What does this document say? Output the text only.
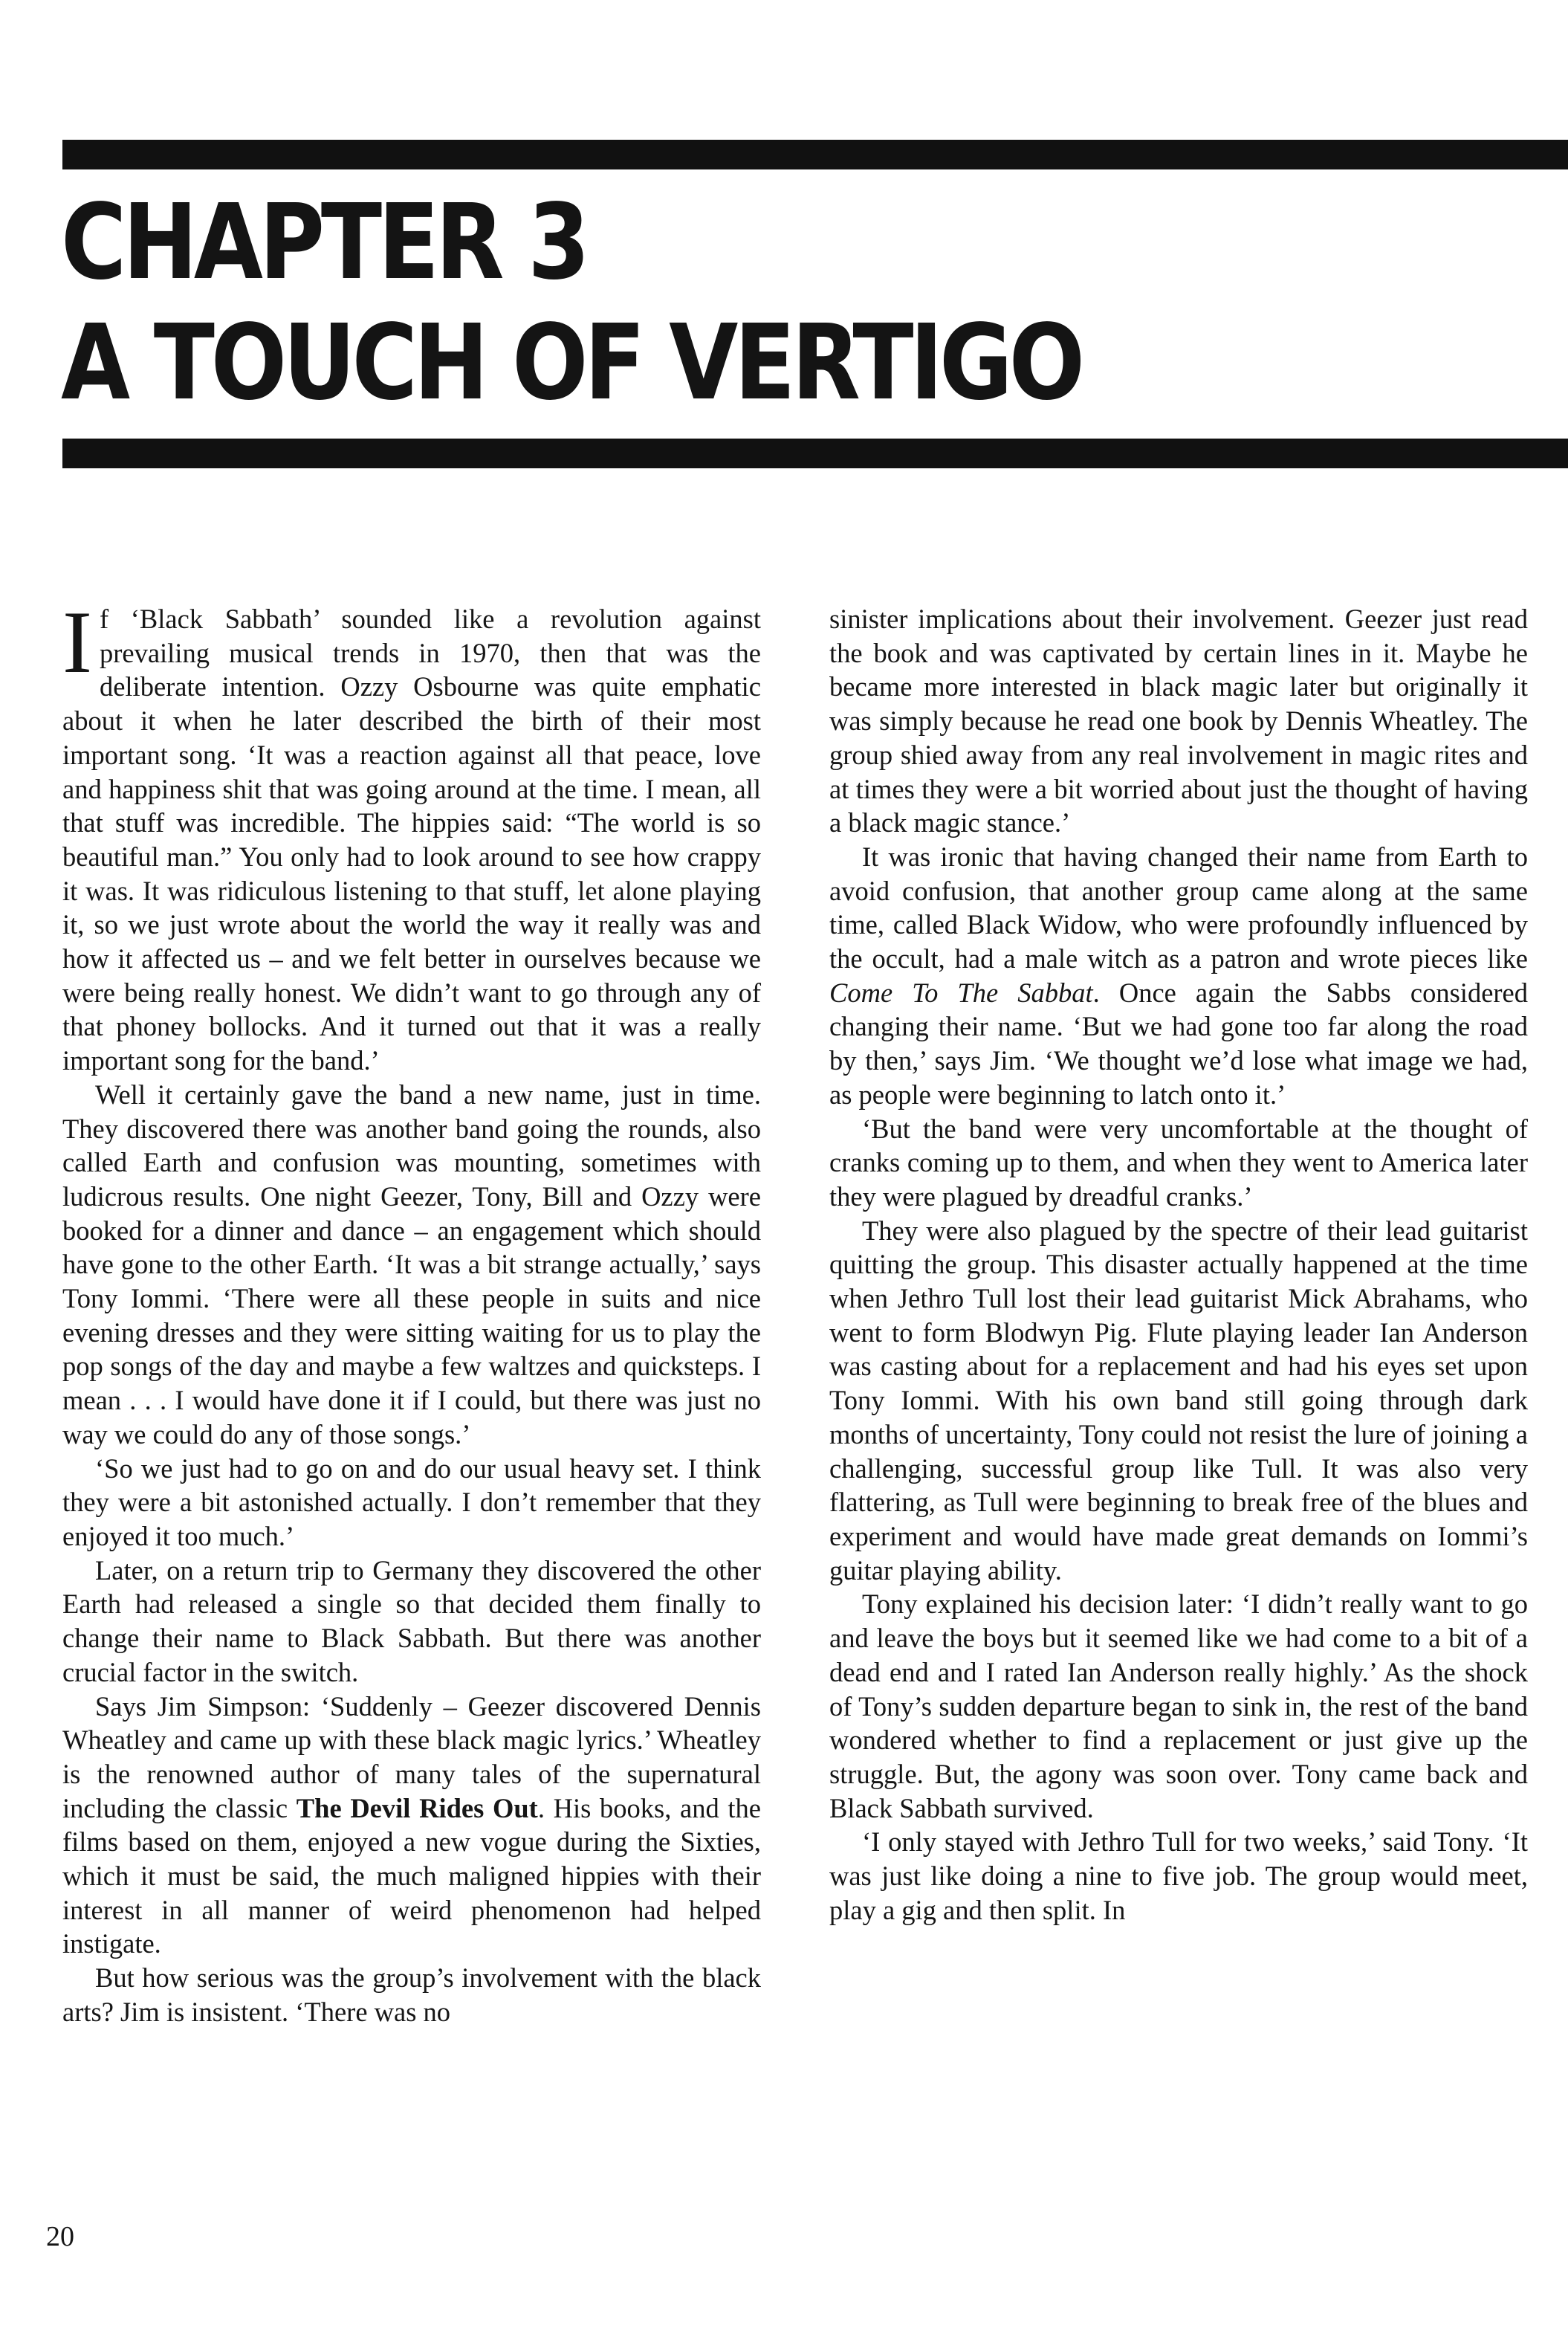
CHAPTER 3
A TOUCH OF VERTIGO

If ‘Black Sabbath’ sounded like a revolution against prevailing musical trends in 1970, then that was the deliberate intention. Ozzy Osbourne was quite emphatic about it when he later described the birth of their most important song. ‘It was a reaction against all that peace, love and happiness shit that was going around at the time. I mean, all that stuff was incredible. The hippies said: “The world is so beautiful man.” You only had to look around to see how crappy it was. It was ridiculous listening to that stuff, let alone playing it, so we just wrote about the world the way it really was and how it affected us – and we felt better in ourselves because we were being really honest. We didn’t want to go through any of that phoney bollocks. And it turned out that it was a really important song for the band.’

Well it certainly gave the band a new name, just in time. They discovered there was another band going the rounds, also called Earth and confusion was mounting, sometimes with ludicrous results. One night Geezer, Tony, Bill and Ozzy were booked for a dinner and dance – an engagement which should have gone to the other Earth. ‘It was a bit strange actually,’ says Tony Iommi. ‘There were all these people in suits and nice evening dresses and they were sitting waiting for us to play the pop songs of the day and maybe a few waltzes and quicksteps. I mean . . . I would have done it if I could, but there was just no way we could do any of those songs.’

‘So we just had to go on and do our usual heavy set. I think they were a bit astonished actually. I don’t remember that they enjoyed it too much.’

Later, on a return trip to Germany they discovered the other Earth had released a single so that decided them finally to change their name to Black Sabbath. But there was another crucial factor in the switch.

Says Jim Simpson: ‘Suddenly – Geezer discovered Dennis Wheatley and came up with these black magic lyrics.’ Wheatley is the renowned author of many tales of the supernatural including the classic The Devil Rides Out. His books, and the films based on them, enjoyed a new vogue during the Sixties, which it must be said, the much maligned hippies with their interest in all manner of weird phenomenon had helped instigate.

But how serious was the group’s involvement with the black arts? Jim is insistent. ‘There was no

sinister implications about their involvement. Geezer just read the book and was captivated by certain lines in it. Maybe he became more interested in black magic later but originally it was simply because he read one book by Dennis Wheatley. The group shied away from any real involvement in magic rites and at times they were a bit worried about just the thought of having a black magic stance.’

It was ironic that having changed their name from Earth to avoid confusion, that another group came along at the same time, called Black Widow, who were profoundly influenced by the occult, had a male witch as a patron and wrote pieces like Come To The Sabbat. Once again the Sabbs considered changing their name. ‘But we had gone too far along the road by then,’ says Jim. ‘We thought we’d lose what image we had, as people were beginning to latch onto it.’

‘But the band were very uncomfortable at the thought of cranks coming up to them, and when they went to America later they were plagued by dreadful cranks.’

They were also plagued by the spectre of their lead guitarist quitting the group. This disaster actually happened at the time when Jethro Tull lost their lead guitarist Mick Abrahams, who went to form Blodwyn Pig. Flute playing leader Ian Anderson was casting about for a replacement and had his eyes set upon Tony Iommi. With his own band still going through dark months of uncertainty, Tony could not resist the lure of joining a challenging, successful group like Tull. It was also very flattering, as Tull were beginning to break free of the blues and experiment and would have made great demands on Iommi’s guitar playing ability.

Tony explained his decision later: ‘I didn’t really want to go and leave the boys but it seemed like we had come to a bit of a dead end and I rated Ian Anderson really highly.’ As the shock of Tony’s sudden departure began to sink in, the rest of the band wondered whether to find a replacement or just give up the struggle. But, the agony was soon over. Tony came back and Black Sabbath survived.

‘I only stayed with Jethro Tull for two weeks,’ said Tony. ‘It was just like doing a nine to five job. The group would meet, play a gig and then split. In

20
